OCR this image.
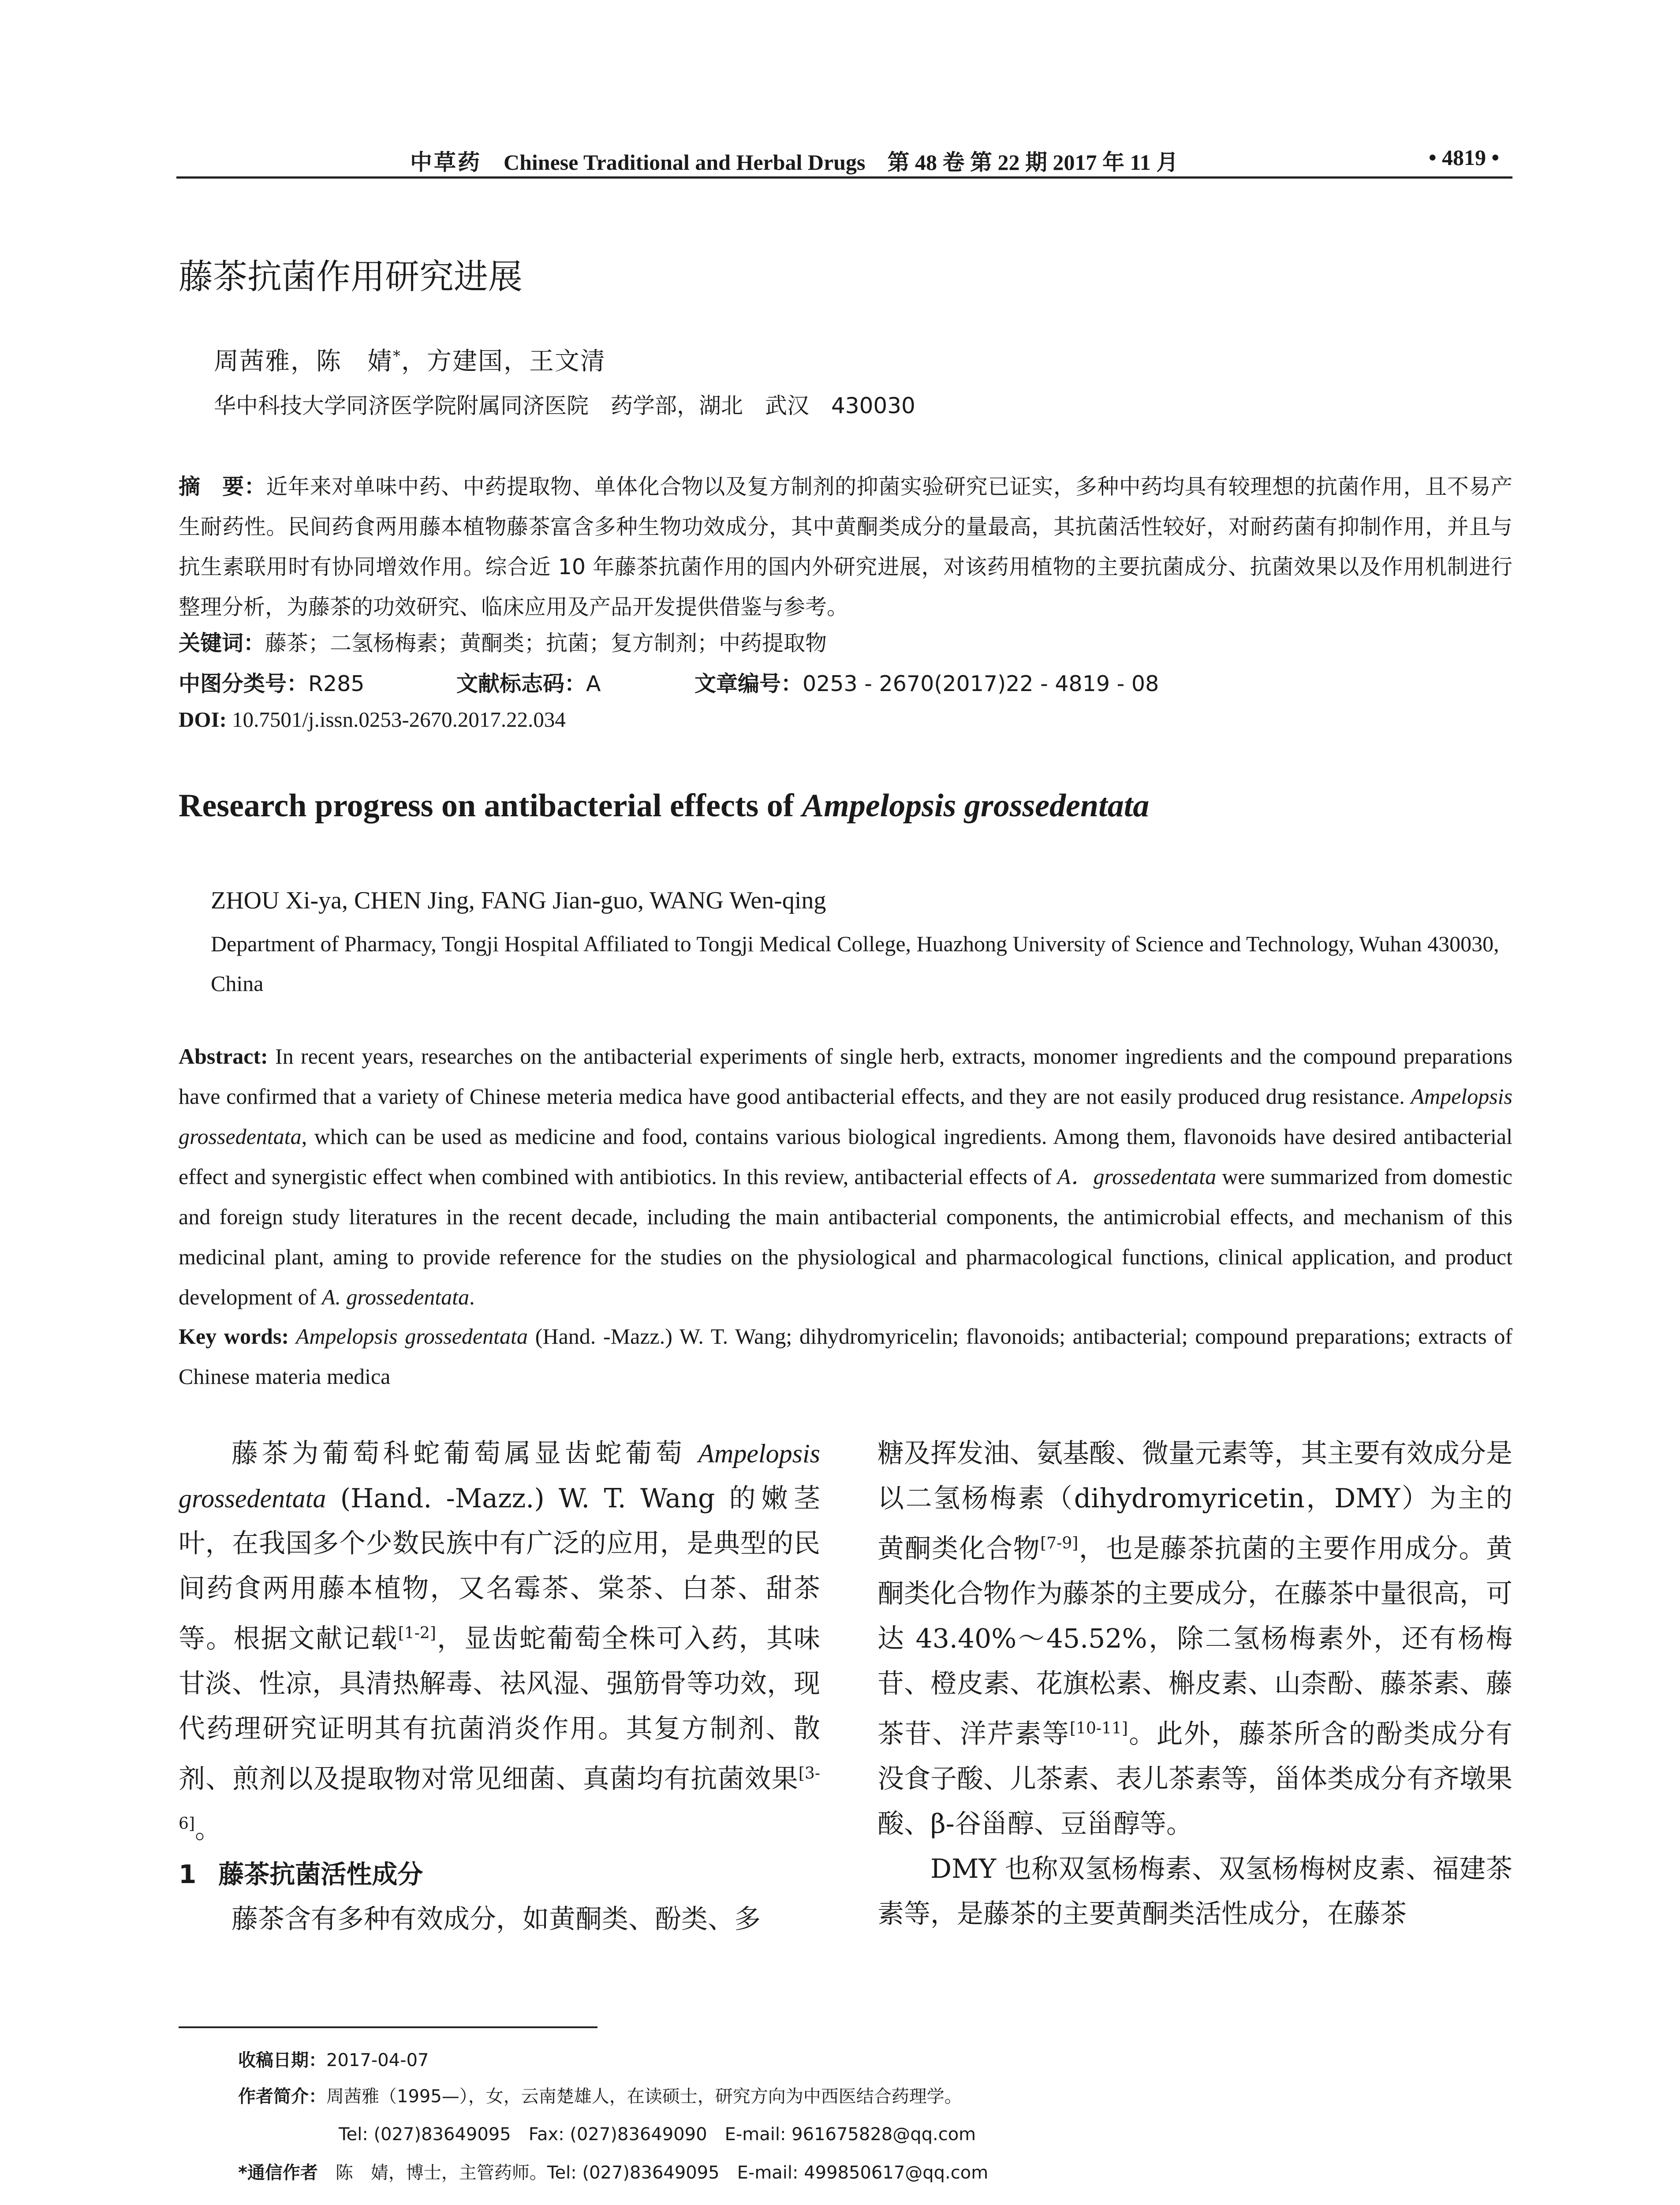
中草药 Chinese Traditional and Herbal Drugs　第 48 卷 第 22 期 2017 年 11 月	• 4819 •
藤茶抗菌作用研究进展
周茜雅，陈　婧*，方建国，王文清
华中科技大学同济医学院附属同济医院　药学部，湖北　武汉　430030
摘　要：近年来对单味中药、中药提取物、单体化合物以及复方制剂的抑菌实验研究已证实，多种中药均具有较理想的抗菌作用，且不易产生耐药性。民间药食两用藤本植物藤茶富含多种生物功效成分，其中黄酮类成分的量最高，其抗菌活性较好，对耐药菌有抑制作用，并且与抗生素联用时有协同增效作用。综合近 10 年藤茶抗菌作用的国内外研究进展，对该药用植物的主要抗菌成分、抗菌效果以及作用机制进行整理分析，为藤茶的功效研究、临床应用及产品开发提供借鉴与参考。
关键词：藤茶；二氢杨梅素；黄酮类；抗菌；复方制剂；中药提取物
中图分类号：R285	文献标志码：A	文章编号：0253 - 2670(2017)22 - 4819 - 08
DOI: 10.7501/j.issn.0253-2670.2017.22.034
Research progress on antibacterial effects of Ampelopsis grossedentata
ZHOU Xi-ya, CHEN Jing, FANG Jian-guo, WANG Wen-qing
Department of Pharmacy, Tongji Hospital Affiliated to Tongji Medical College, Huazhong University of Science and Technology, Wuhan 430030, China
Abstract: In recent years, researches on the antibacterial experiments of single herb, extracts, monomer ingredients and the compound preparations have confirmed that a variety of Chinese meteria medica have good antibacterial effects, and they are not easily produced drug resistance. Ampelopsis grossedentata, which can be used as medicine and food, contains various biological ingredients. Among them, flavonoids have desired antibacterial effect and synergistic effect when combined with antibiotics. In this review, antibacterial effects of A．grossedentata were summarized from domestic and foreign study literatures in the recent decade, including the main antibacterial components, the antimicrobial effects, and mechanism of this medicinal plant, aming to provide reference for the studies on the physiological and pharmacological functions, clinical application, and product development of A. grossedentata.
Key words: Ampelopsis grossedentata (Hand. -Mazz.) W. T. Wang; dihydromyricelin; flavonoids; antibacterial; compound preparations; extracts of Chinese materia medica

藤茶为葡萄科蛇葡萄属显齿蛇葡萄 Ampelopsis grossedentata (Hand. -Mazz.) W. T. Wang 的嫩茎叶，在我国多个少数民族中有广泛的应用，是典型的民间药食两用藤本植物，又名霉茶、棠茶、白茶、甜茶等。根据文献记载[1-2]，显齿蛇葡萄全株可入药，其味甘淡、性凉，具清热解毒、祛风湿、强筋骨等功效，现代药理研究证明其有抗菌消炎作用。其复方制剂、散剂、煎剂以及提取物对常见细菌、真菌均有抗菌效果[3-6]。

1 藤茶抗菌活性成分

藤茶含有多种有效成分，如黄酮类、酚类、多

糖及挥发油、氨基酸、微量元素等，其主要有效成分是以二氢杨梅素（dihydromyricetin，DMY）为主的黄酮类化合物[7-9]，也是藤茶抗菌的主要作用成分。黄酮类化合物作为藤茶的主要成分，在藤茶中量很高，可达 43.40%～45.52%，除二氢杨梅素外，还有杨梅苷、橙皮素、花旗松素、槲皮素、山柰酚、藤茶素、藤茶苷、洋芹素等[10-11]。此外，藤茶所含的酚类成分有没食子酸、儿茶素、表儿茶素等，甾体类成分有齐墩果酸、β-谷甾醇、豆甾醇等。

DMY 也称双氢杨梅素、双氢杨梅树皮素、福建茶素等，是藤茶的主要黄酮类活性成分，在藤茶

收稿日期：2017-04-07
作者简介：周茜雅（1995—），女，云南楚雄人，在读硕士，研究方向为中西医结合药理学。
Tel: (027)83649095　Fax: (027)83649090　E-mail: 961675828@qq.com
*通信作者　陈　婧，博士，主管药师。Tel: (027)83649095　E-mail: 499850617@qq.com
